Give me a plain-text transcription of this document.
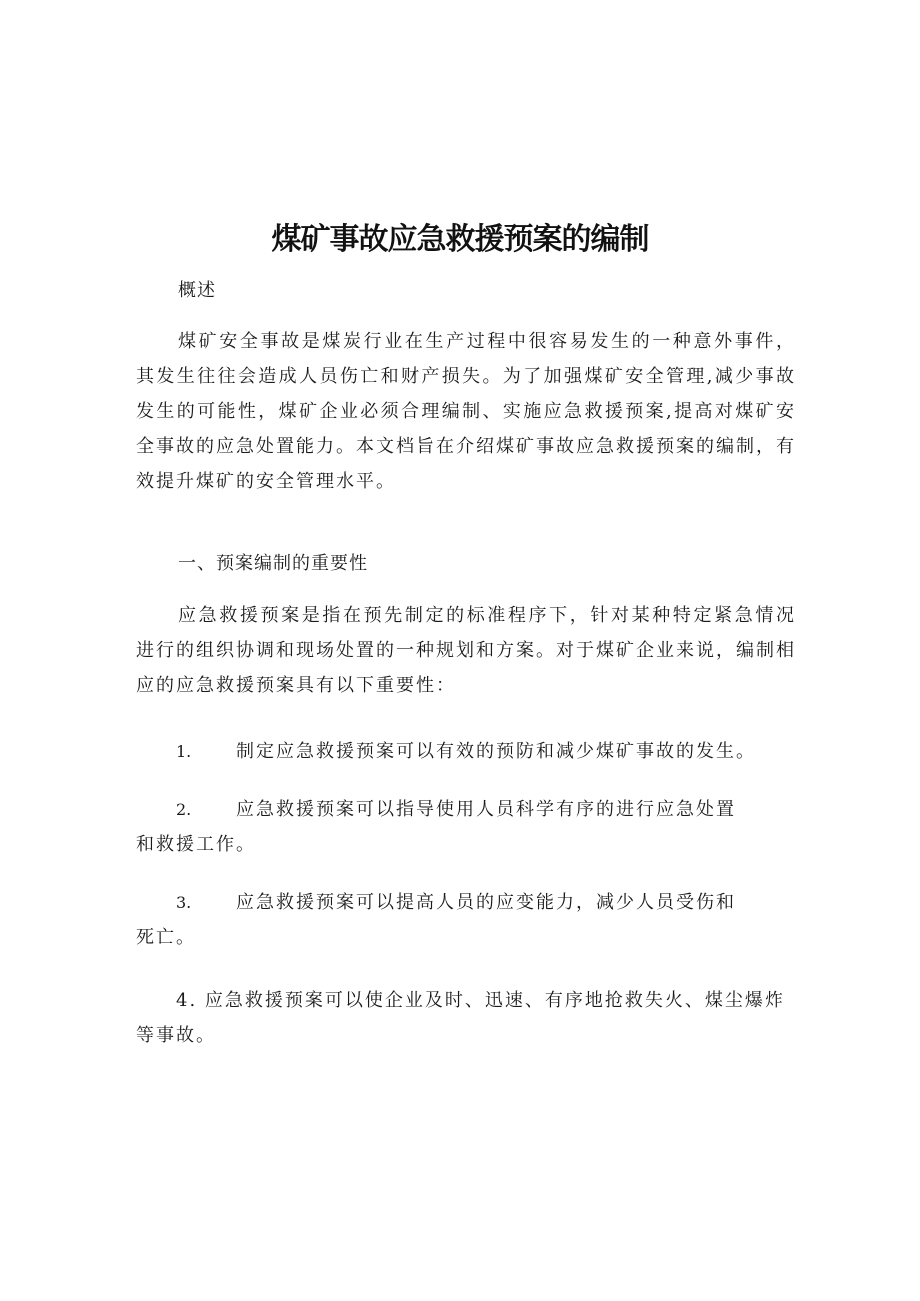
煤矿事故应急救援预案的编制
概述
煤矿安全事故是煤炭行业在生产过程中很容易发生的一种意外事件，其发生往往会造成人员伤亡和财产损失。为了加强煤矿安全管理,减少事故发生的可能性，煤矿企业必须合理编制、实施应急救援预案,提高对煤矿安全事故的应急处置能力。本文档旨在介绍煤矿事故应急救援预案的编制，有效提升煤矿的安全管理水平。
一、预案编制的重要性
应急救援预案是指在预先制定的标准程序下，针对某种特定紧急情况进行的组织协调和现场处置的一种规划和方案。对于煤矿企业来说，编制相应的应急救援预案具有以下重要性：
1. 制定应急救援预案可以有效的预防和减少煤矿事故的发生。
2. 应急救援预案可以指导使用人员科学有序的进行应急处置和救援工作。
3. 应急救援预案可以提高人员的应变能力，减少人员受伤和死亡。
4. 应急救援预案可以使企业及时、迅速、有序地抢救失火、煤尘爆炸等事故。
